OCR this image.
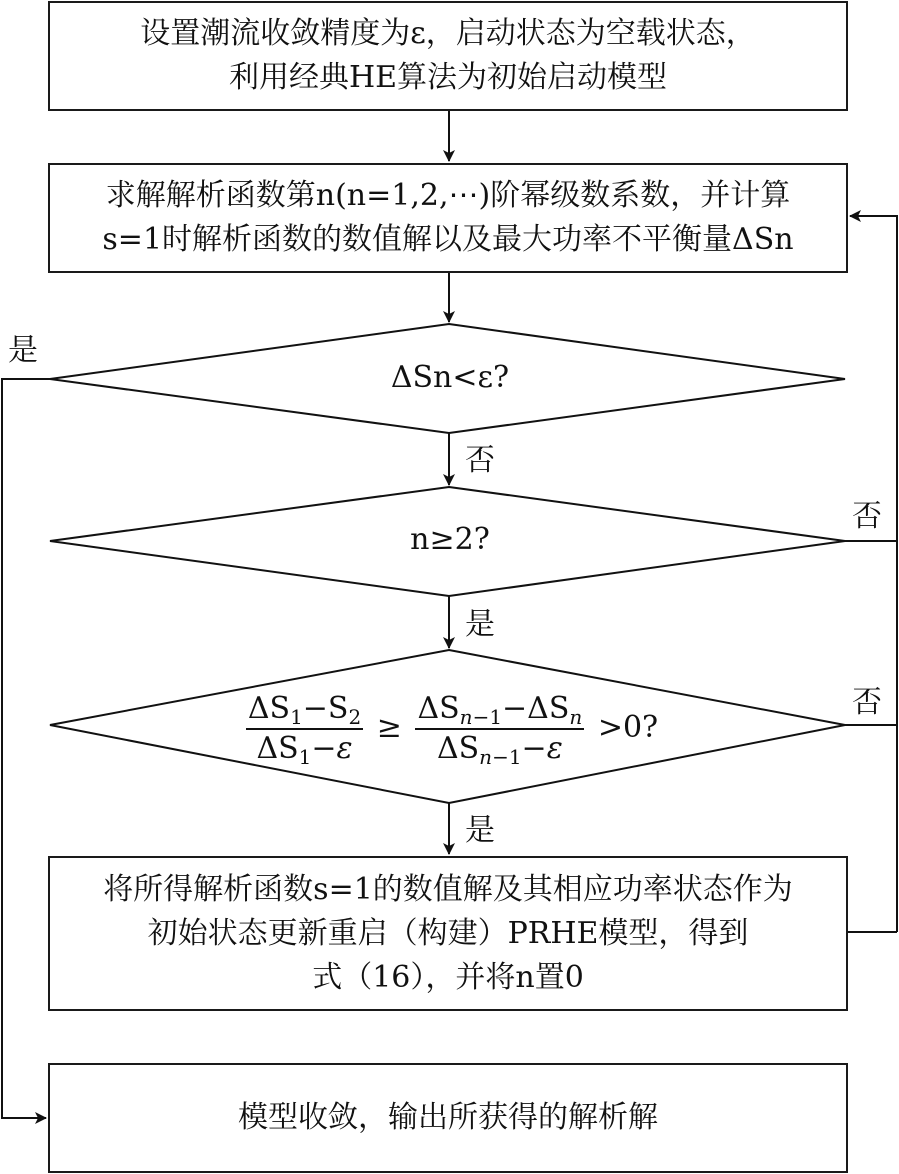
设置潮流收敛精度为ε，启动状态为空载状态，
利用经典HE算法为初始启动模型
求解解析函数第n(n=1,2,⋯)阶幂级数系数，并计算
s=1时解析函数的数值解以及最大功率不平衡量ΔSn
ΔSn<ε?
n≥2?
$\frac{\Delta S_1-S_2}{\Delta S_1-\varepsilon} \ge \frac{\Delta S_{n-1}-\Delta S_n}{\Delta S_{n-1}-\varepsilon} >0$?
将所得解析函数s=1的数值解及其相应功率状态作为
初始状态更新重启（构建）PRHE模型，得到
式（16），并将n置0
模型收敛，输出所获得的解析解
是
否
否
是
否
是
